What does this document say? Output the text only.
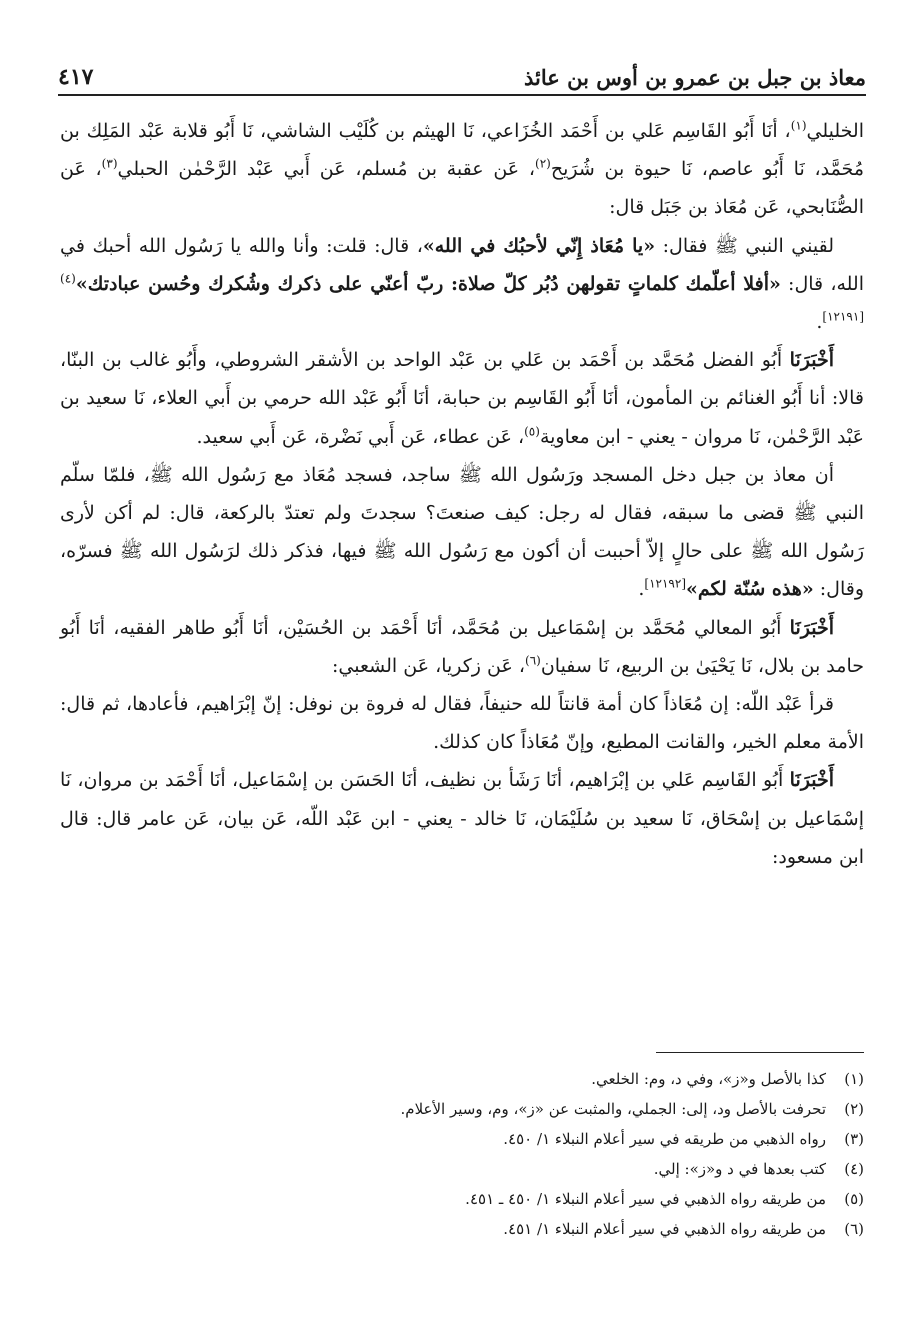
معاذ بن جبل بن عمرو بن أوس بن عائذ
٤١٧

الخليلي$^{(١)}$، أنَا أَبُو القَاسِم عَلي بن أَحْمَد الخُزَاعي، نَا الهيثم بن كُلَيْب الشاشي، نَا أَبُو قلابة عَبْد المَلِك بن مُحَمَّد، نَا أَبُو عاصم، نَا حيوة بن شُرَيح$^{(٢)}$، عَن عقبة بن مُسلم، عَن أَبي عَبْد الرَّحْمٰن الحبلي$^{(٣)}$، عَن الصُّنَابحي، عَن مُعَاذ بن جَبَل قال:

لقيني النبي ﷺ فقال: «يا مُعَاذ إِنّي لأحبُك في الله»، قال: قلت: وأنا والله يا رَسُول الله أحبك في الله، قال: «أفلا أعلّمك كلماتٍ تقولهن دُبُر كلّ صلاة: ربّ أعنّي على ذكرك وشُكرك وحُسن عبادتك»$^{(٤)[١٢١٩١]}$.

أَخْبَرَنَا أَبُو الفضل مُحَمَّد بن أَحْمَد بن عَلي بن عَبْد الواحد بن الأشقر الشروطي، وأَبُو غالب بن البنّا، قالا: أنا أَبُو الغنائم بن المأمون، أنَا أَبُو القَاسِم بن حبابة، أنَا أَبُو عَبْد الله حرمي بن أَبي العلاء، نَا سعيد بن عَبْد الرَّحْمٰن، نَا مروان - يعني - ابن معاوية$^{(٥)}$، عَن عطاء، عَن أَبي نَضْرة، عَن أَبي سعيد.

أن معاذ بن جبل دخل المسجد ورَسُول الله ﷺ ساجد، فسجد مُعَاذ مع رَسُول الله ﷺ، فلمّا سلّم النبي ﷺ قضى ما سبقه، فقال له رجل: كيف صنعتَ؟ سجدتَ ولم تعتدّ بالركعة، قال: لم أكن لأرى رَسُول الله ﷺ على حالٍ إلاّ أحببت أن أكون مع رَسُول الله ﷺ فيها، فذكر ذلك لرَسُول الله ﷺ فسرّه، وقال: «هذه سُنّة لكم»[١٢١٩٢].

أَخْبَرَنَا أَبُو المعالي مُحَمَّد بن إسْمَاعيل بن مُحَمَّد، أنَا أَحْمَد بن الحُسَيْن، أنَا أَبُو طاهر الفقيه، أنَا أَبُو حامد بن بلال، نَا يَحْيَىٰ بن الربيع، نَا سفيان$^{(٦)}$، عَن زكريا، عَن الشعبي:

قرأ عَبْد اللّه: إن مُعَاذاً كان أمة قانتاً لله حنيفاً، فقال له فروة بن نوفل: إنّ إبْرَاهيم، فأعادها، ثم قال: الأمة معلم الخير، والقانت المطيع، وإنّ مُعَاذاً كان كذلك.

أَخْبَرَنَا أَبُو القَاسِم عَلي بن إبْرَاهيم، أنَا رَشَأ بن نظيف، أنَا الحَسَن بن إسْمَاعيل، أنَا أَحْمَد بن مروان، نَا إسْمَاعيل بن إسْحَاق، نَا سعيد بن سُلَيْمَان، نَا خالد - يعني - ابن عَبْد اللّه، عَن بيان، عَن عامر قال: قال ابن مسعود:

(١)
كذا بالأصل و«ز»، وفي د، وم: الخلعي.
(٢)
تحرفت بالأصل ود، إلى: الجملي، والمثبت عن «ز»، وم، وسير الأعلام.
(٣)
رواه الذهبي من طريقه في سير أعلام النبلاء ١/ ٤٥٠.
(٤)
كتب بعدها في د و«ز»: إلي.
(٥)
من طريقه رواه الذهبي في سير أعلام النبلاء ١/ ٤٥٠ ـ ٤٥١.
(٦)
من طريقه رواه الذهبي في سير أعلام النبلاء ١/ ٤٥١.
